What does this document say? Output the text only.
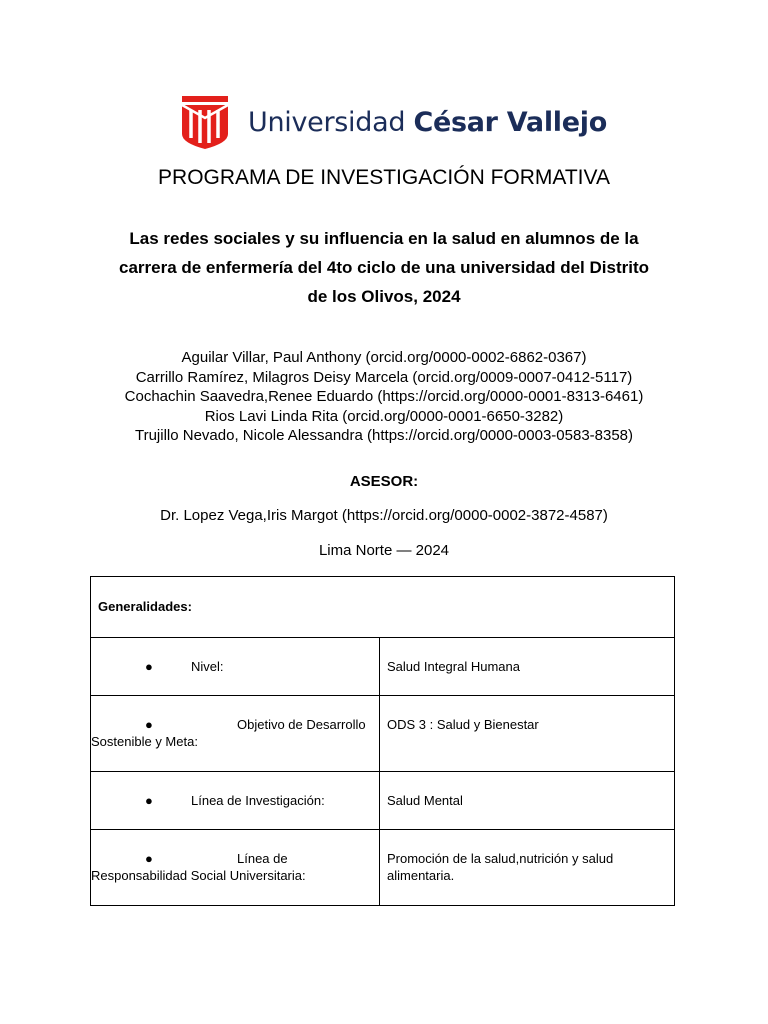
Universidad César Vallejo
PROGRAMA DE INVESTIGACIÓN FORMATIVA
Las redes sociales y su influencia en la salud en alumnos de la
carrera de enfermería del 4to ciclo de una universidad del Distrito
de los Olivos, 2024
Aguilar Villar, Paul Anthony (orcid.org/0000-0002-6862-0367)
Carrillo Ramírez, Milagros Deisy Marcela (orcid.org/0009-0007-0412-5117)
Cochachin Saavedra,Renee Eduardo (https://orcid.org/0000-0001-8313-6461)
Rios Lavi Linda Rita (orcid.org/0000-0001-6650-3282)
Trujillo Nevado, Nicole Alessandra (https://orcid.org/0000-0003-0583-8358)
ASESOR:
Dr. Lopez Vega,Iris Margot (https://orcid.org/0000-0002-3872-4587)
Lima Norte — 2024
Generalidades:	

● Nivel:	Salud Integral Humana

● Objetivo de Desarrollo Sostenible y Meta:	ODS 3 : Salud y Bienestar

● Línea de Investigación:	Salud Mental

● Línea de Responsabilidad Social Universitaria:	Promoción de la salud,nutrición y salud alimentaria.
